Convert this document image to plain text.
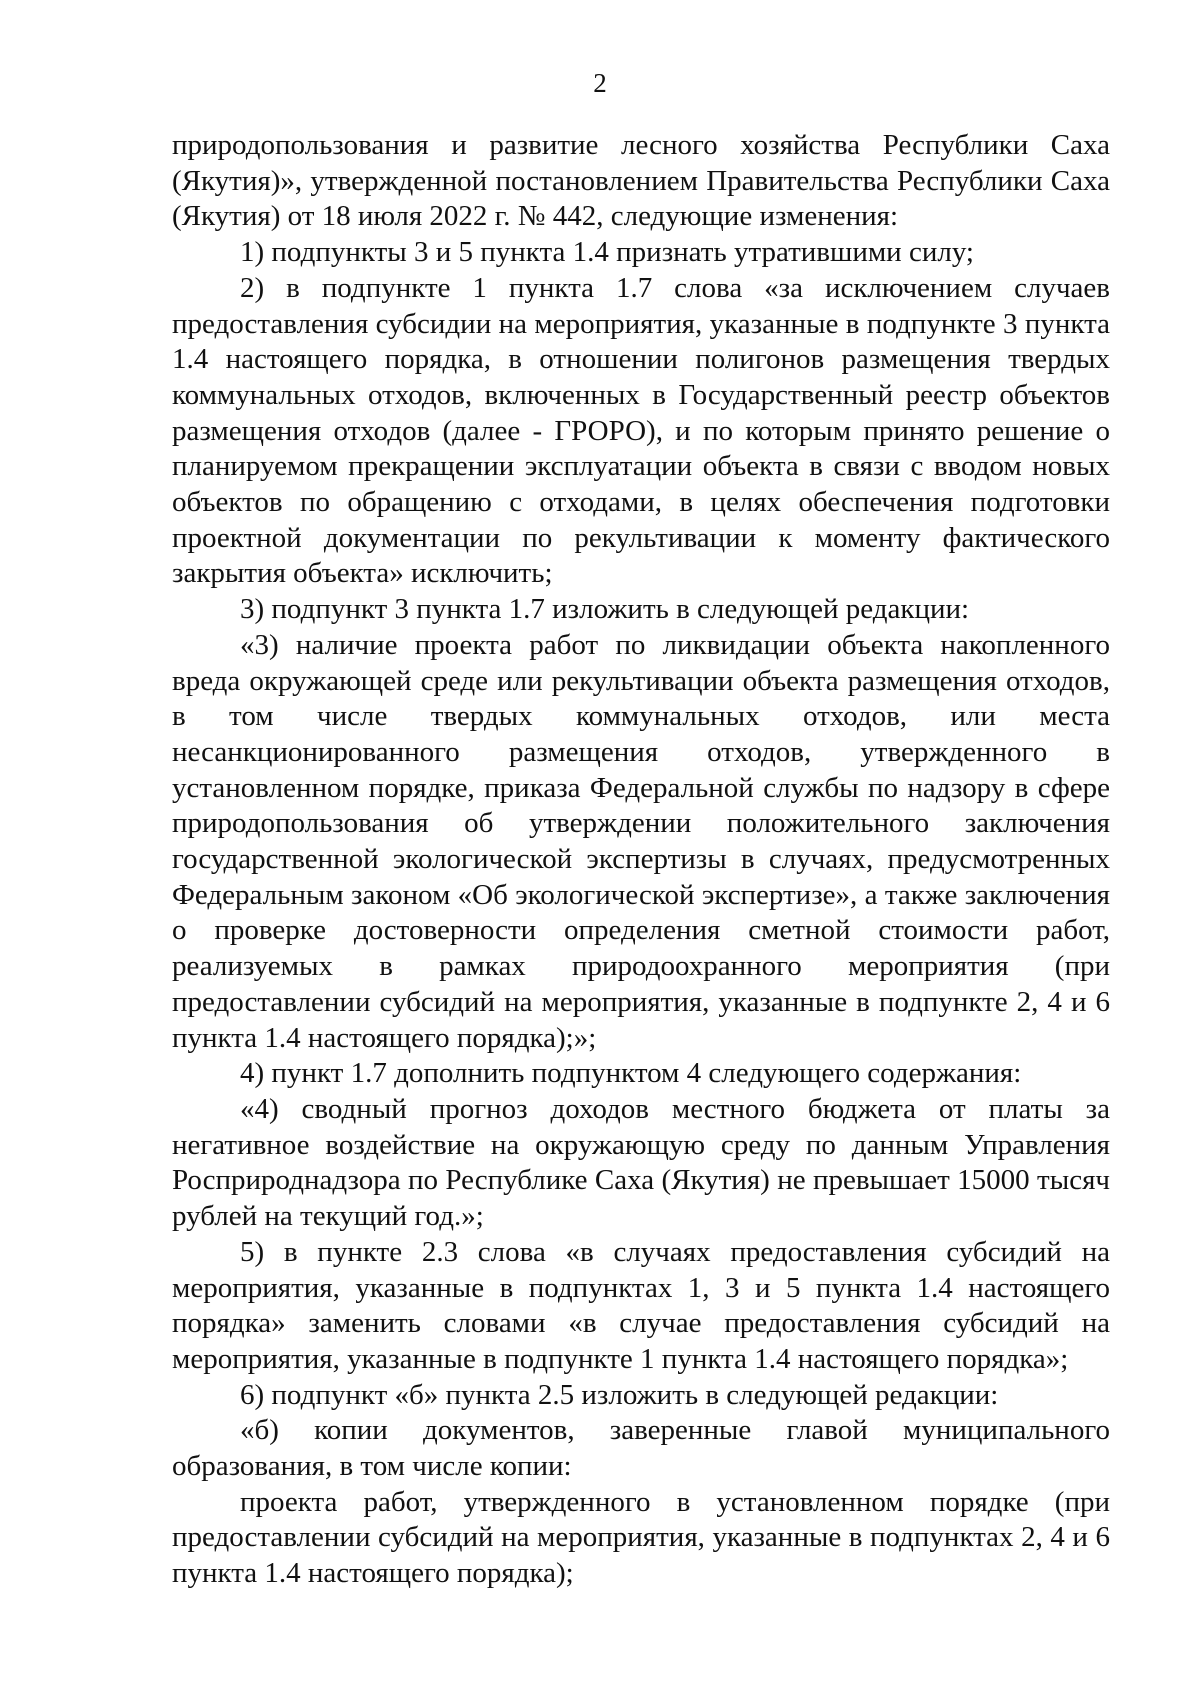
2

природопользования и развитие лесного хозяйства Республики Саха (Якутия)», утвержденной постановлением Правительства Республики Саха (Якутия) от 18 июля 2022 г. № 442, следующие изменения:

1) подпункты 3 и 5 пункта 1.4 признать утратившими силу;

2) в подпункте 1 пункта 1.7 слова «за исключением случаев предоставления субсидии на мероприятия, указанные в подпункте 3 пункта 1.4 настоящего порядка, в отношении полигонов размещения твердых коммунальных отходов, включенных в Государственный реестр объектов размещения отходов (далее - ГРОРО), и по которым принято решение о планируемом прекращении эксплуатации объекта в связи с вводом новых объектов по обращению с отходами, в целях обеспечения подготовки проектной документации по рекультивации к моменту фактического закрытия объекта» исключить;

3) подпункт 3 пункта 1.7 изложить в следующей редакции:

«3) наличие проекта работ по ликвидации объекта накопленного вреда окружающей среде или рекультивации объекта размещения отходов, в том числе твердых коммунальных отходов, или места несанкционированного размещения отходов, утвержденного в установленном порядке, приказа Федеральной службы по надзору в сфере природопользования об утверждении положительного заключения государственной экологической экспертизы в случаях, предусмотренных Федеральным законом «Об экологической экспертизе», а также заключения о проверке достоверности определения сметной стоимости работ, реализуемых в рамках природоохранного мероприятия (при предоставлении субсидий на мероприятия, указанные в подпункте 2, 4 и 6 пункта 1.4 настоящего порядка);»;

4) пункт 1.7 дополнить подпунктом 4 следующего содержания:

«4) сводный прогноз доходов местного бюджета от платы за негативное воздействие на окружающую среду по данным Управления Росприроднадзора по Республике Саха (Якутия) не превышает 15000 тысяч рублей на текущий год.»;

5) в пункте 2.3 слова «в случаях предоставления субсидий на мероприятия, указанные в подпунктах 1, 3 и 5 пункта 1.4 настоящего порядка» заменить словами «в случае предоставления субсидий на мероприятия, указанные в подпункте 1 пункта 1.4 настоящего порядка»;

6) подпункт «б» пункта 2.5 изложить в следующей редакции:

«б) копии документов, заверенные главой муниципального образования, в том числе копии:

проекта работ, утвержденного в установленном порядке (при предоставлении субсидий на мероприятия, указанные в подпунктах 2, 4 и 6 пункта 1.4 настоящего порядка);
